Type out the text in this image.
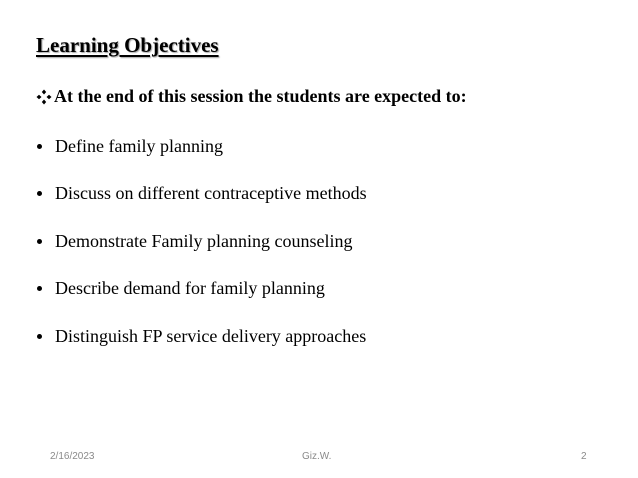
Learning Objectives
At the end of this session the students are expected to:
Define family planning
Discuss on different contraceptive methods
Demonstrate Family planning counseling
Describe demand for family planning
Distinguish FP service delivery approaches
2/16/2023	Giz.W.	2
